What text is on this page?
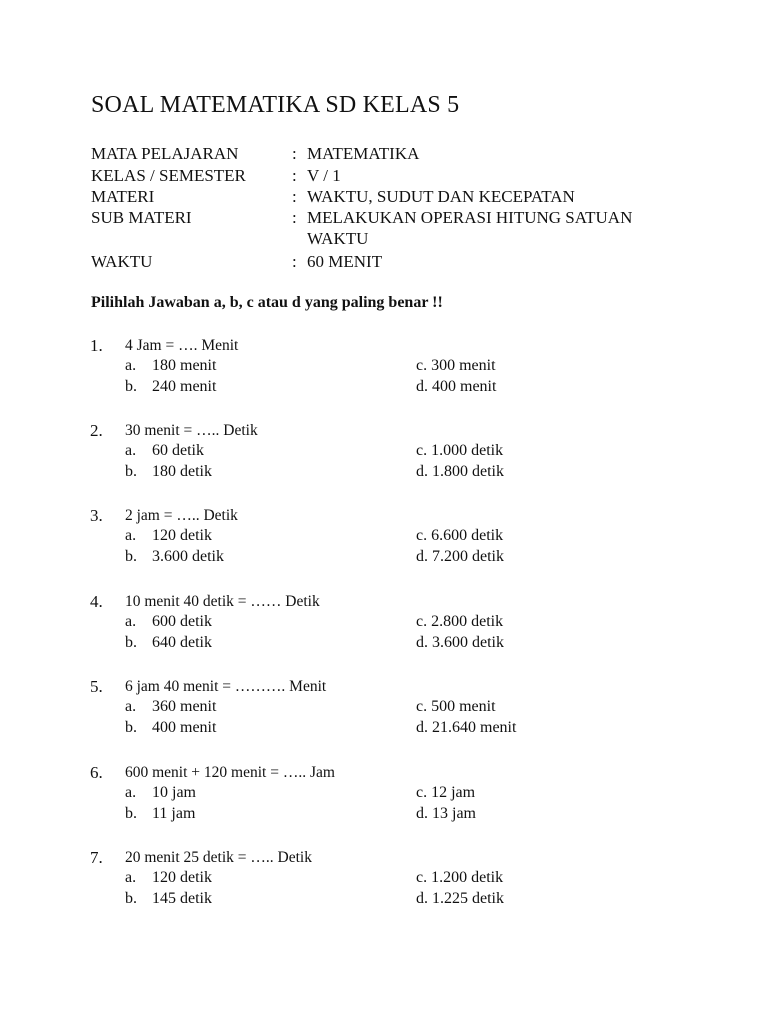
SOAL MATEMATIKA SD KELAS 5
MATA PELAJARAN	: MATEMATIKA
KELAS / SEMESTER	: V / 1
MATERI	: WAKTU, SUDUT DAN KECEPATAN
SUB MATERI	: MELAKUKAN OPERASI HITUNG SATUAN WAKTU
WAKTU	: 60 MENIT
Pilihlah Jawaban a, b, c atau d yang paling benar !!
1. 4 Jam = …. Menit
a. 180 menit
b. 240 menit
c. 300 menit
d. 400 menit
2. 30 menit = ….. Detik
a. 60 detik
b. 180 detik
c. 1.000 detik
d. 1.800 detik
3. 2 jam = ….. Detik
a. 120 detik
b. 3.600 detik
c. 6.600 detik
d. 7.200 detik
4. 10 menit 40 detik = …… Detik
a. 600 detik
b. 640 detik
c. 2.800 detik
d. 3.600 detik
5. 6 jam 40 menit = ………. Menit
a. 360 menit
b. 400 menit
c. 500 menit
d. 21.640 menit
6. 600 menit + 120 menit = ….. Jam
a. 10 jam
b. 11 jam
c. 12 jam
d. 13 jam
7. 20 menit 25 detik = ….. Detik
a. 120 detik
b. 145 detik
c. 1.200 detik
d. 1.225 detik
